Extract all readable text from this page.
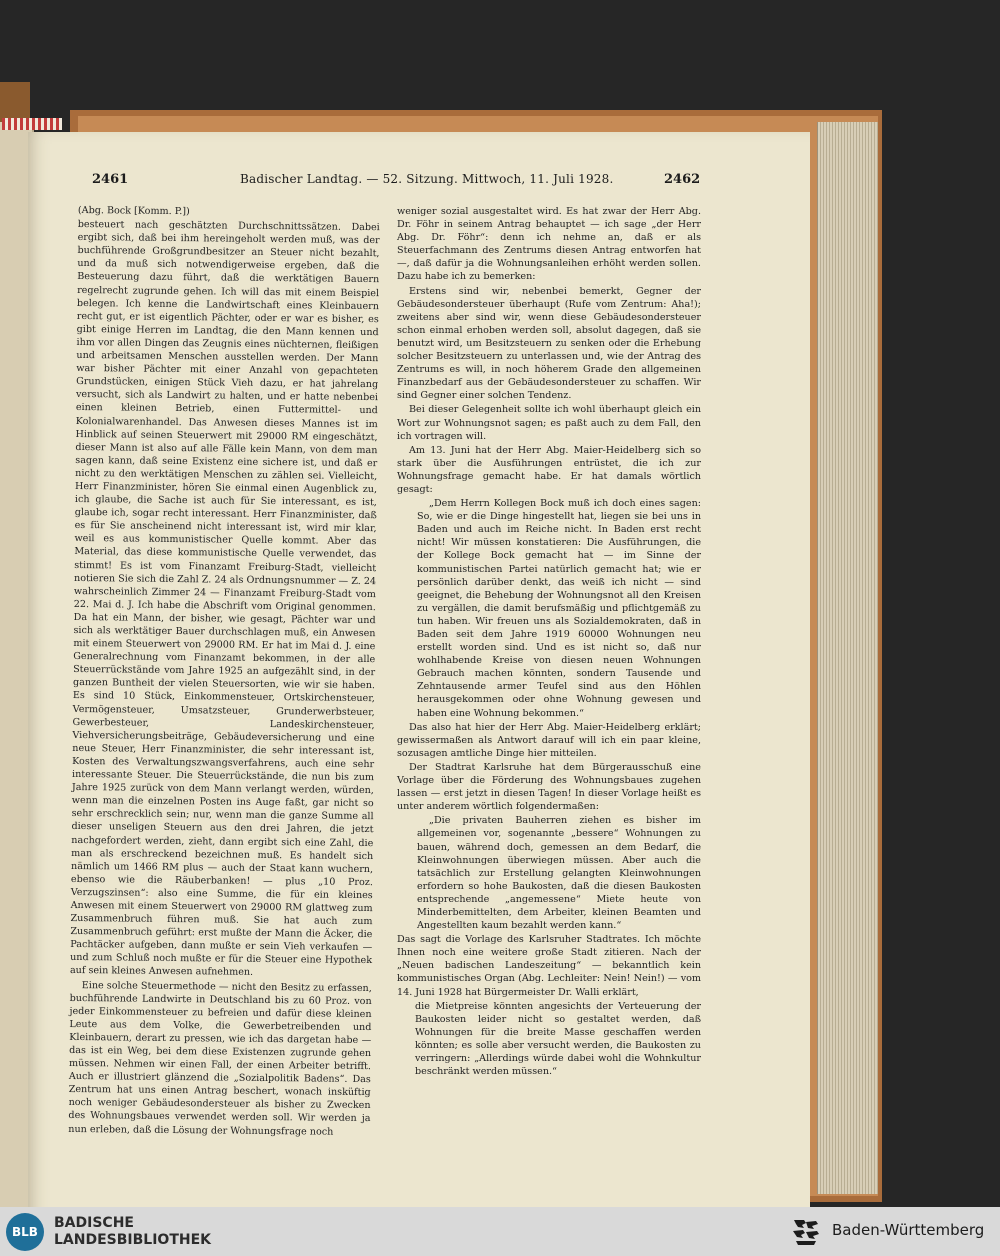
2461	Badischer Landtag. — 52. Sitzung. Mittwoch, 11. Juli 1928.	2462

(Abg. Bock [Komm. P.])

besteuert nach geschätzten Durchschnittssätzen. Dabei ergibt sich, daß bei ihm hereingeholt werden muß, was der buchführende Großgrundbesitzer an Steuer nicht bezahlt, und da muß sich notwendigerweise ergeben, daß die Besteuerung dazu führt, daß die werktätigen Bauern regelrecht zugrunde gehen. Ich will das mit einem Beispiel belegen. Ich kenne die Landwirtschaft eines Kleinbauern recht gut, er ist eigentlich Pächter, oder er war es bisher, es gibt einige Herren im Landtag, die den Mann kennen und ihm vor allen Dingen das Zeugnis eines nüchternen, fleißigen und arbeitsamen Menschen ausstellen werden. Der Mann war bisher Pächter mit einer Anzahl von gepachteten Grundstücken, einigen Stück Vieh dazu, er hat jahrelang versucht, sich als Landwirt zu halten, und er hatte nebenbei einen kleinen Betrieb, einen Futtermittel- und Kolonialwarenhandel. Das Anwesen dieses Mannes ist im Hinblick auf seinen Steuerwert mit 29000 RM eingeschätzt, dieser Mann ist also auf alle Fälle kein Mann, von dem man sagen kann, daß seine Existenz eine sichere ist, und daß er nicht zu den werktätigen Menschen zu zählen sei. Vielleicht, Herr Finanzminister, hören Sie einmal einen Augenblick zu, ich glaube, die Sache ist auch für Sie interessant, es ist, glaube ich, sogar recht interessant. Herr Finanzminister, daß es für Sie anscheinend nicht interessant ist, wird mir klar, weil es aus kommunistischer Quelle kommt. Aber das Material, das diese kommunistische Quelle verwendet, das stimmt! Es ist vom Finanzamt Freiburg-Stadt, vielleicht notieren Sie sich die Zahl Z. 24 als Ordnungsnummer — Z. 24 wahrscheinlich Zimmer 24 — Finanzamt Freiburg-Stadt vom 22. Mai d. J. Ich habe die Abschrift vom Original genommen. Da hat ein Mann, der bisher, wie gesagt, Pächter war und sich als werktätiger Bauer durchschlagen muß, ein Anwesen mit einem Steuerwert von 29000 RM. Er hat im Mai d. J. eine Generalrechnung vom Finanzamt bekommen, in der alle Steuerrückstände vom Jahre 1925 an aufgezählt sind, in der ganzen Buntheit der vielen Steuersorten, wie wir sie haben. Es sind 10 Stück, Einkommensteuer, Ortskirchensteuer, Vermögensteuer, Umsatzsteuer, Grunderwerbsteuer, Gewerbesteuer, Landeskirchensteuer, Viehversicherungsbeiträge, Gebäudeversicherung und eine neue Steuer, Herr Finanzminister, die sehr interessant ist, Kosten des Verwaltungszwangsverfahrens, auch eine sehr interessante Steuer. Die Steuerrückstände, die nun bis zum Jahre 1925 zurück von dem Mann verlangt werden, würden, wenn man die einzelnen Posten ins Auge faßt, gar nicht so sehr erschrecklich sein; nur, wenn man die ganze Summe all dieser unseligen Steuern aus den drei Jahren, die jetzt nachgefordert werden, zieht, dann ergibt sich eine Zahl, die man als erschreckend bezeichnen muß. Es handelt sich nämlich um 1466 RM plus — auch der Staat kann wuchern, ebenso wie die Räuberbanken! — plus „10 Proz. Verzugszinsen“: also eine Summe, die für ein kleines Anwesen mit einem Steuerwert von 29000 RM glattweg zum Zusammenbruch führen muß. Sie hat auch zum Zusammenbruch geführt: erst mußte der Mann die Äcker, die Pachtäcker aufgeben, dann mußte er sein Vieh verkaufen — und zum Schluß noch mußte er für die Steuer eine Hypothek auf sein kleines Anwesen aufnehmen.

Eine solche Steuermethode — nicht den Besitz zu erfassen, buchführende Landwirte in Deutschland bis zu 60 Proz. von jeder Einkommensteuer zu befreien und dafür diese kleinen Leute aus dem Volke, die Gewerbetreibenden und Kleinbauern, derart zu pressen, wie ich das dargetan habe — das ist ein Weg, bei dem diese Existenzen zugrunde gehen müssen. Nehmen wir einen Fall, der einen Arbeiter betrifft. Auch er illustriert glänzend die „Sozialpolitik Badens“. Das Zentrum hat uns einen Antrag beschert, wonach insküftig noch weniger Gebäudesondersteuer als bisher zu Zwecken des Wohnungsbaues verwendet werden soll. Wir werden ja nun erleben, daß die Lösung der Wohnungsfrage noch

weniger sozial ausgestaltet wird. Es hat zwar der Herr Abg. Dr. Föhr in seinem Antrag behauptet — ich sage „der Herr Abg. Dr. Föhr“: denn ich nehme an, daß er als Steuerfachmann des Zentrums diesen Antrag entworfen hat —, daß dafür ja die Wohnungsanleihen erhöht werden sollen. Dazu habe ich zu bemerken:

Erstens sind wir, nebenbei bemerkt, Gegner der Gebäudesondersteuer überhaupt (Rufe vom Zentrum: Aha!); zweitens aber sind wir, wenn diese Gebäudesondersteuer schon einmal erhoben werden soll, absolut dagegen, daß sie benutzt wird, um Besitzsteuern zu senken oder die Erhebung solcher Besitzsteuern zu unterlassen und, wie der Antrag des Zentrums es will, in noch höherem Grade den allgemeinen Finanzbedarf aus der Gebäudesondersteuer zu schaffen. Wir sind Gegner einer solchen Tendenz.

Bei dieser Gelegenheit sollte ich wohl überhaupt gleich ein Wort zur Wohnungsnot sagen; es paßt auch zu dem Fall, den ich vortragen will.

Am 13. Juni hat der Herr Abg. Maier-Heidelberg sich so stark über die Ausführungen entrüstet, die ich zur Wohnungsfrage gemacht habe. Er hat damals wörtlich gesagt:

„Dem Herrn Kollegen Bock muß ich doch eines sagen: So, wie er die Dinge hingestellt hat, liegen sie bei uns in Baden und auch im Reiche nicht. In Baden erst recht nicht! Wir müssen konstatieren: Die Ausführungen, die der Kollege Bock gemacht hat — im Sinne der kommunistischen Partei natürlich gemacht hat; wie er persönlich darüber denkt, das weiß ich nicht — sind geeignet, die Behebung der Wohnungsnot all den Kreisen zu vergällen, die damit berufsmäßig und pflichtgemäß zu tun haben. Wir freuen uns als Sozialdemokraten, daß in Baden seit dem Jahre 1919 60000 Wohnungen neu erstellt worden sind. Und es ist nicht so, daß nur wohlhabende Kreise von diesen neuen Wohnungen Gebrauch machen könnten, sondern Tausende und Zehntausende armer Teufel sind aus den Höhlen herausgekommen oder ohne Wohnung gewesen und haben eine Wohnung bekommen.“

Das also hat hier der Herr Abg. Maier-Heidelberg erklärt; gewissermaßen als Antwort darauf will ich ein paar kleine, sozusagen amtliche Dinge hier mitteilen.

Der Stadtrat Karlsruhe hat dem Bürgerausschuß eine Vorlage über die Förderung des Wohnungsbaues zugehen lassen — erst jetzt in diesen Tagen! In dieser Vorlage heißt es unter anderem wörtlich folgendermaßen:

„Die privaten Bauherren ziehen es bisher im allgemeinen vor, sogenannte „bessere“ Wohnungen zu bauen, während doch, gemessen an dem Bedarf, die Kleinwohnungen überwiegen müssen. Aber auch die tatsächlich zur Erstellung gelangten Kleinwohnungen erfordern so hohe Baukosten, daß die diesen Baukosten entsprechende „angemessene“ Miete heute von Minderbemittelten, dem Arbeiter, kleinen Beamten und Angestellten kaum bezahlt werden kann.“

Das sagt die Vorlage des Karlsruher Stadtrates. Ich möchte Ihnen noch eine weitere große Stadt zitieren. Nach der „Neuen badischen Landeszeitung“ — bekanntlich kein kommunistisches Organ (Abg. Lechleiter: Nein! Nein!) — vom 14. Juni 1928 hat Bürgermeister Dr. Walli erklärt,

die Mietpreise könnten angesichts der Verteuerung der Baukosten leider nicht so gestaltet werden, daß Wohnungen für die breite Masse geschaffen werden könnten; es solle aber versucht werden, die Baukosten zu verringern: „Allerdings würde dabei wohl die Wohnkultur beschränkt werden müssen.“

BLB
BADISCHE
LANDESBIBLIOTHEK
Baden-Württemberg
